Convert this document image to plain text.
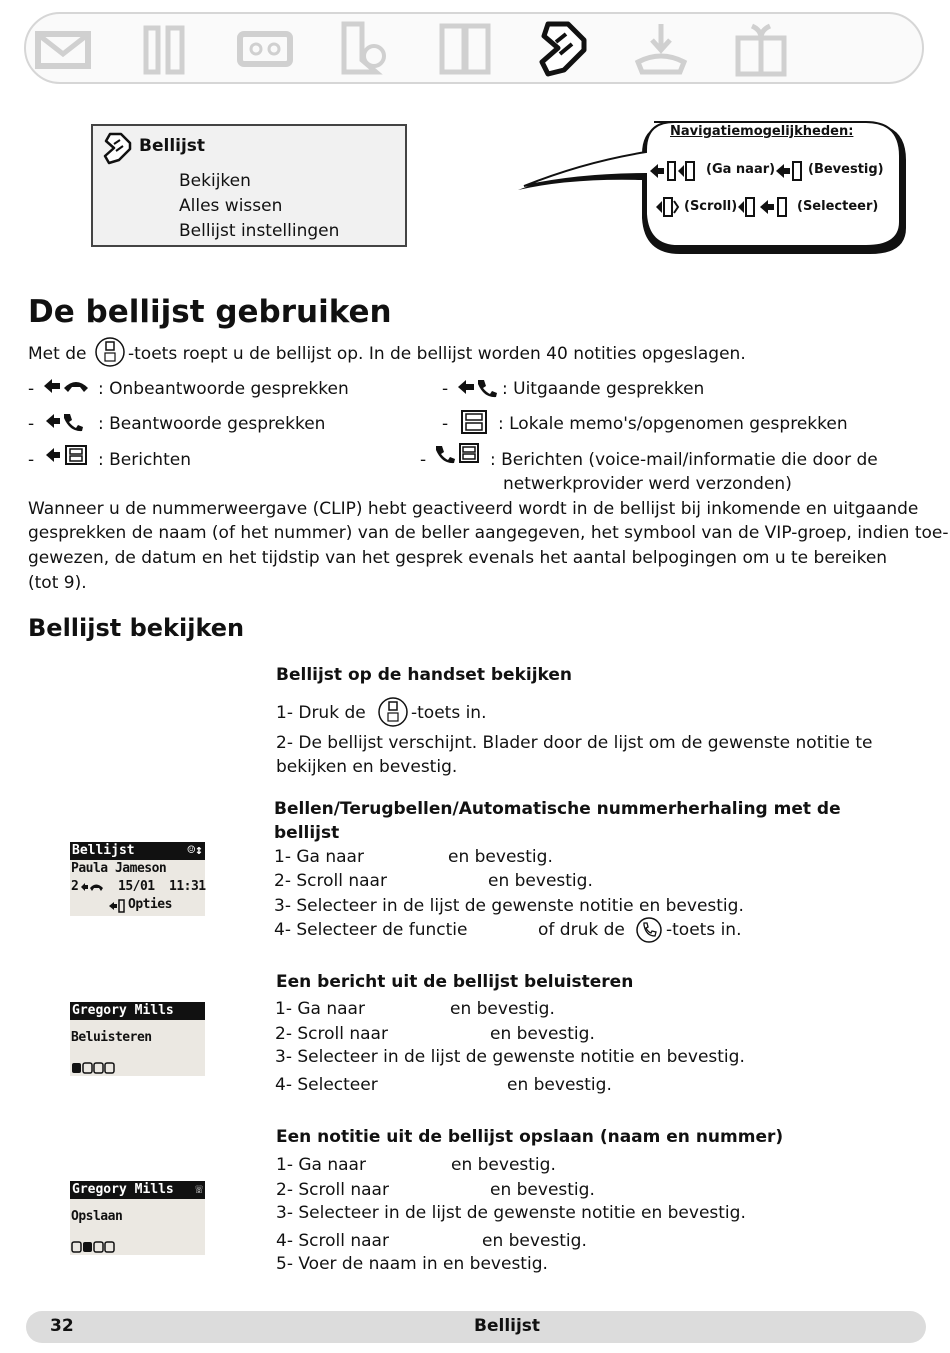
Bellijst
Bekijken
Alles wissen
Bellijst instellingen
Navigatiemogelijkheden:
(Ga naar)	(Bevestig)
(Scroll)	(Selecteer)
De bellijst gebruiken
Met de -toets roept u de bellijst op. In de bellijst worden 40 notities opgeslagen.
-	: Onbeantwoorde gesprekken	-	: Uitgaande gesprekken
-	: Beantwoorde gesprekken	-	: Lokale memo's/opgenomen gesprekken
-	: Berichten	-	: Berichten (voice-mail/informatie die door de
netwerkprovider werd verzonden)
Wanneer u de nummerweergave (CLIP) hebt geactiveerd wordt in de bellijst bij inkomende en uitgaande
gesprekken de naam (of het nummer) van de beller aangegeven, het symbool van de VIP-groep, indien toe-
gewezen, de datum en het tijdstip van het gesprek evenals het aantal belpogingen om u te bereiken
(tot 9).
Bellijst bekijken
Bellijst op de handset bekijken
1- Druk de	-toets in.
2- De bellijst verschijnt. Blader door de lijst om de gewenste notitie te
bekijken en bevestig.
Bellen/Terugbellen/Automatische nummerherhaling met de
bellijst
1- Ga naar	en bevestig.
2- Scroll naar	en bevestig.
3- Selecteer in de lijst de gewenste notitie en bevestig.
4- Selecteer de functie	of druk de -toets in.
Bellijst	☺↕
Paula Jameson
2	15/01 11:31
Opties
Een bericht uit de bellijst beluisteren
1- Ga naar	en bevestig.
2- Scroll naar	en bevestig.
3- Selecteer in de lijst de gewenste notitie en bevestig.
4- Selecteer	en bevestig.
Gregory Mills
Beluisteren
Een notitie uit de bellijst opslaan (naam en nummer)
1- Ga naar	en bevestig.
2- Scroll naar	en bevestig.
3- Selecteer in de lijst de gewenste notitie en bevestig.
4- Scroll naar	en bevestig.
5- Voer de naam in en bevestig.
Gregory Mills ☏
Opslaan
32	Bellijst
